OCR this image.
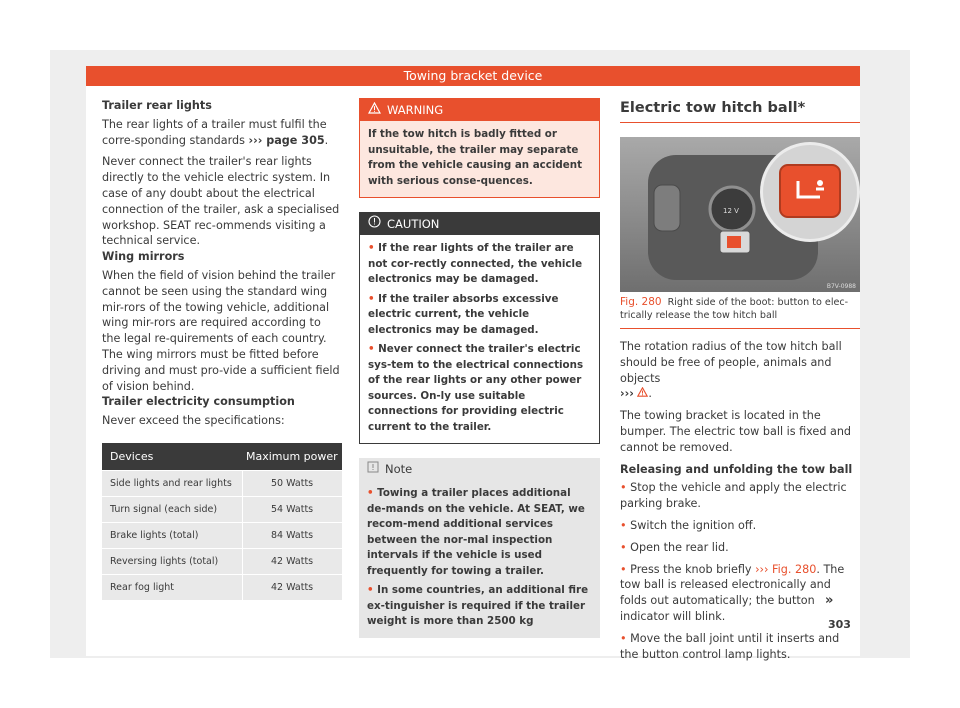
Towing bracket device

Trailer rear lights

The rear lights of a trailer must fulfil the corre-sponding standards ››› page 305.

Never connect the trailer's rear lights directly to the vehicle electric system. In case of any doubt about the electrical connection of the trailer, ask a specialised workshop. SEAT rec-ommends visiting a technical service.

Wing mirrors

When the field of vision behind the trailer cannot be seen using the standard wing mir-rors of the towing vehicle, additional wing mir-rors are required according to the legal re-quirements of each country. The wing mirrors must be fitted before driving and must pro-vide a sufficient field of vision behind.

Trailer electricity consumption

Never exceed the specifications:

Devices	Maximum power
Side lights and rear lights	50 Watts
Turn signal (each side)	54 Watts
Brake lights (total)	84 Watts
Reversing lights (total)	42 Watts
Rear fog light	42 Watts
WARNING
If the tow hitch is badly fitted or unsuitable, the trailer may separate from the vehicle causing an accident with serious conse-quences.
CAUTION
• If the rear lights of the trailer are not cor-rectly connected, the vehicle electronics may be damaged.
• If the trailer absorbs excessive electric current, the vehicle electronics may be damaged.
• Never connect the trailer's electric sys-tem to the electrical connections of the rear lights or any other power sources. On-ly use suitable connections for providing electric current to the trailer.
Note
• Towing a trailer places additional de-mands on the vehicle. At SEAT, we recom-mend additional services between the nor-mal inspection intervals if the vehicle is used frequently for towing a trailer.
• In some countries, an additional fire ex-tinguisher is required if the trailer weight is more than 2500 kg
Electric tow hitch ball*
12 V
B7V-0988

Fig. 280 Right side of the boot: button to elec-trically release the tow hitch ball

The rotation radius of the tow hitch ball should be free of people, animals and objects
››› .

The towing bracket is located in the bumper. The electric tow ball is fixed and cannot be removed.

Releasing and unfolding the tow ball

• Stop the vehicle and apply the electric parking brake.

• Switch the ignition off.

• Open the rear lid.

• Press the knob briefly ››› Fig. 280. The tow ball is released electronically and folds out automatically; the button indicator will blink.

• Move the ball joint until it inserts and the button control lamp lights.

»
303
